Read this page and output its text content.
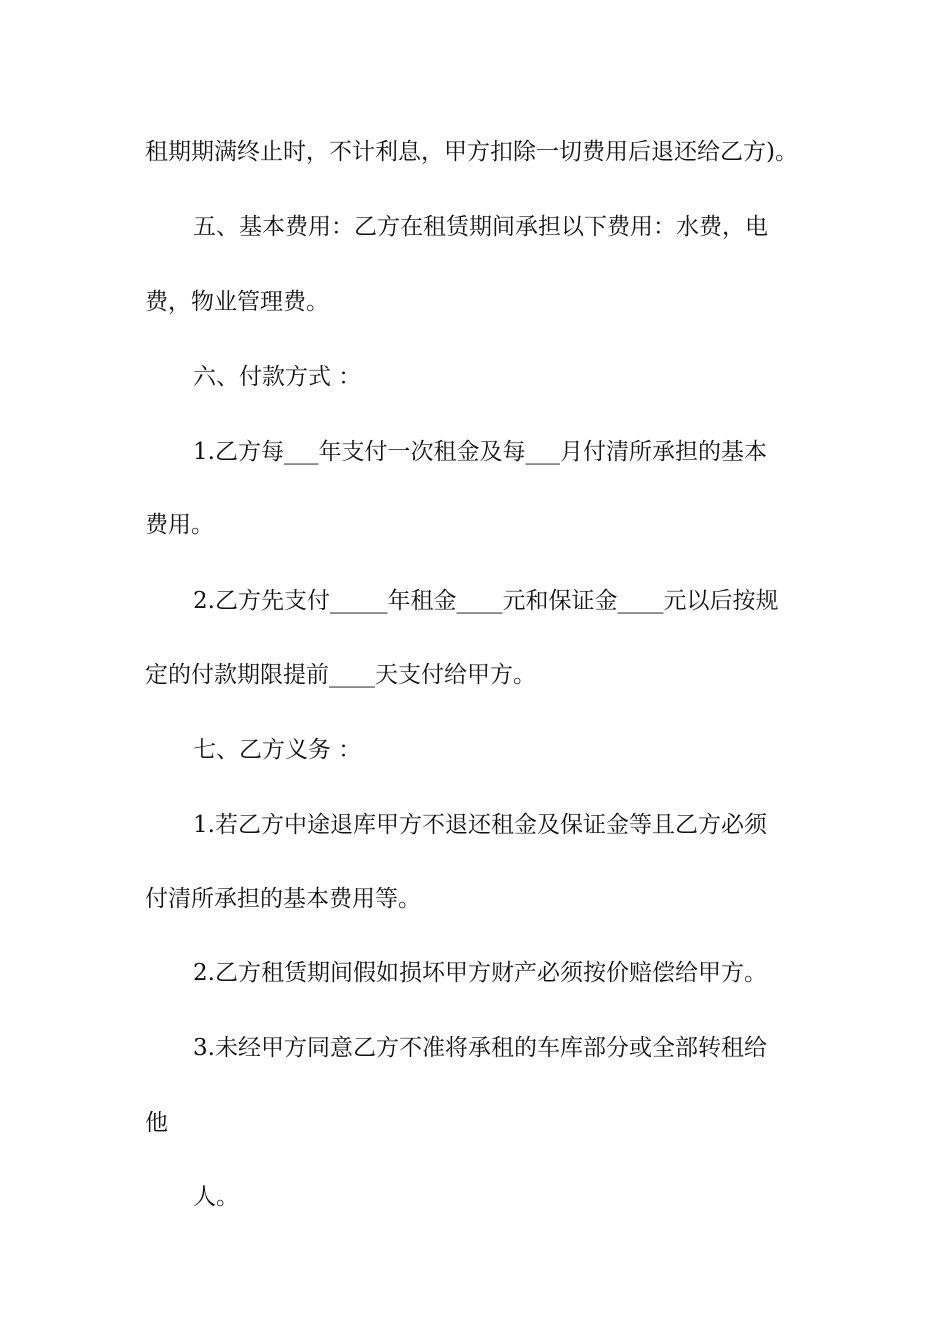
租期期满终止时，不计利息，甲方扣除一切费用后退还给乙方)。
五、基本费用：乙方在租赁期间承担以下费用：水费，电
费，物业管理费。
六、付款方式 ：
1.乙方每___年支付一次租金及每___月付清所承担的基本
费用。
2.乙方先支付_____年租金____元和保证金____元以后按规
定的付款期限提前____天支付给甲方。
七、乙方义务 ：
1.若乙方中途退库甲方不退还租金及保证金等且乙方必须
付清所承担的基本费用等。
2.乙方租赁期间假如损坏甲方财产必须按价赔偿给甲方。
3.未经甲方同意乙方不准将承租的车库部分或全部转租给
他
人。
